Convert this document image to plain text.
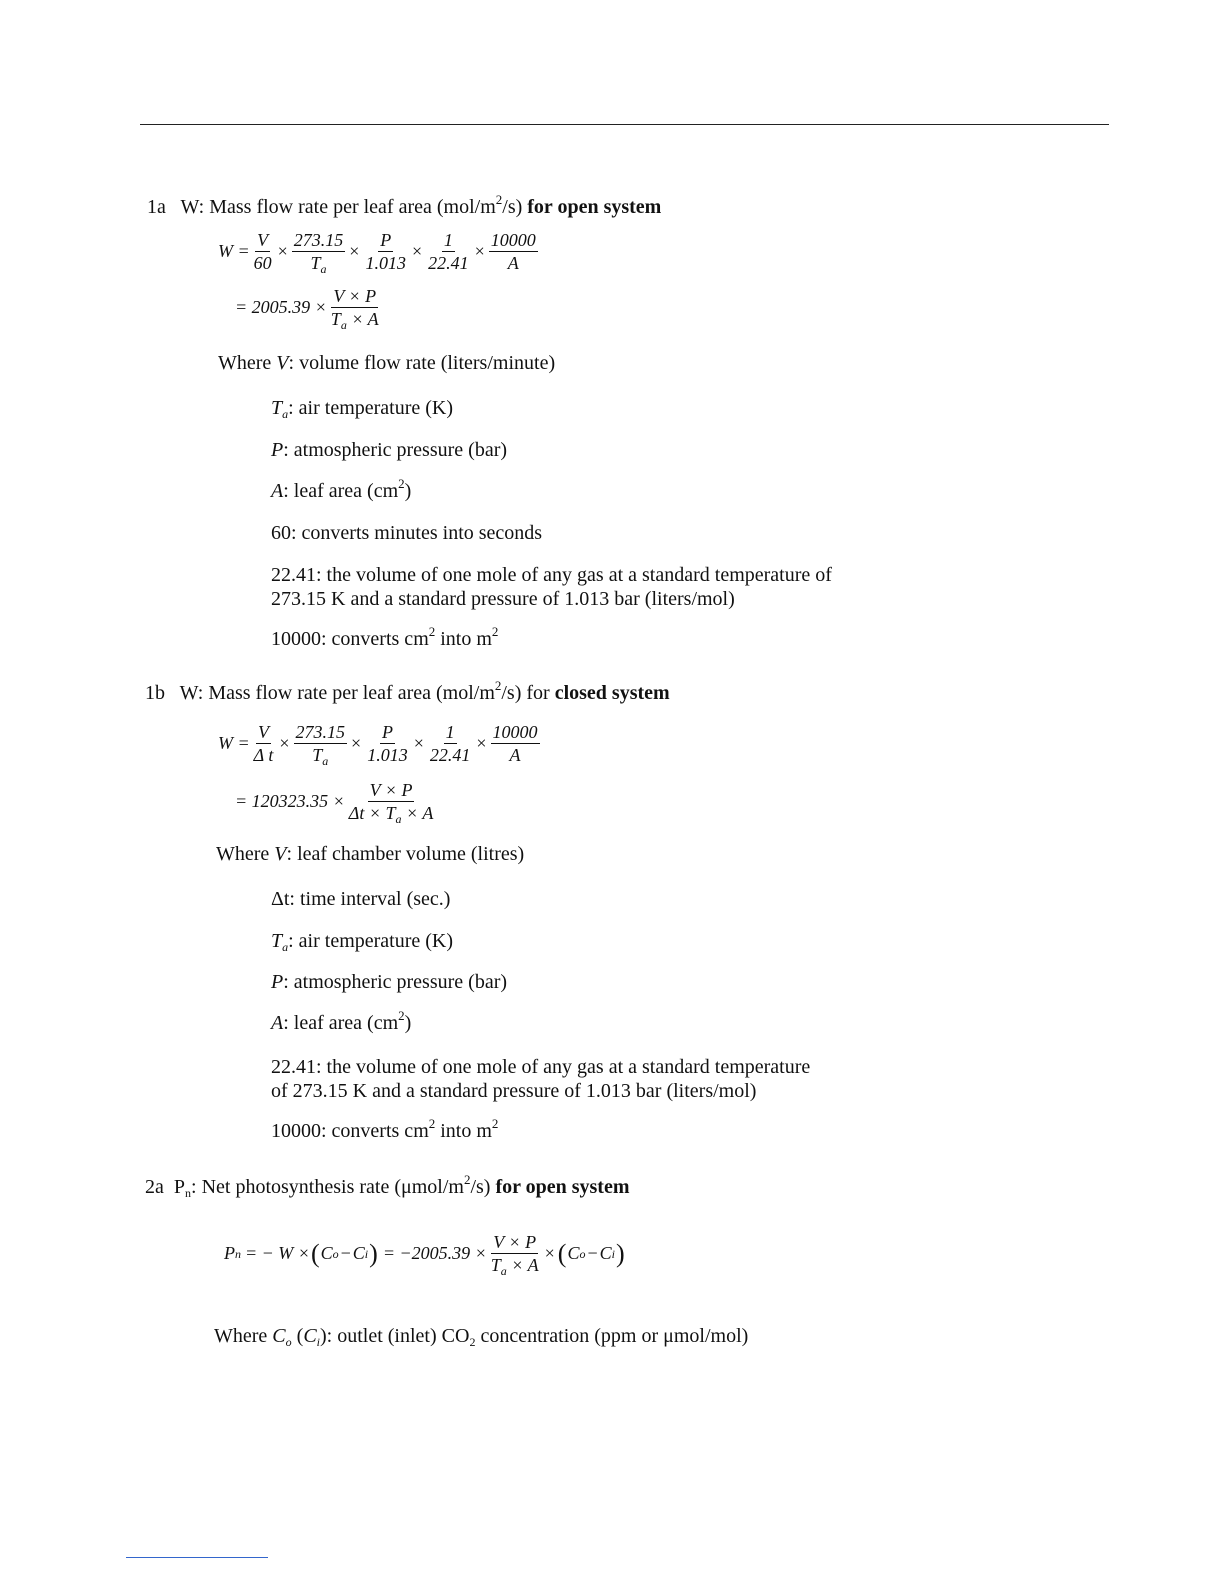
1a W: Mass flow rate per leaf area $(mol/m^2/s)$ for open system
$W = \frac{V}{60} \times \frac{273.15}{T_a} \times \frac{P}{1.013} \times \frac{1}{22.41} \times \frac{10000}{A}$
= $2005.39 \times \frac{V \times P}{T_a \times A}$
Where V: volume flow rate (liters/minute)
$T_a$: air temperature (K)
P: atmospheric pressure (bar)
A: leaf area $(cm^2)$
60: converts minutes into seconds
22.41: the volume of one mole of any gas at a standard temperature of
273.15 K and a standard pressure of 1.013 bar (liters/mol)
10000: converts $cm^2$ into $m^2$
1b W: Mass flow rate per leaf area $(mol/m^2/s)$ for closed system
$W = \frac{V}{\text{Δ t}} \times \frac{273.15}{T_a} \times \frac{P}{1.013} \times \frac{1}{22.41} \times \frac{10000}{A}$
= $120323.35 \times \frac{V \times P}{\Delta t \times T_a \times A}$
Where V: leaf chamber volume (litres)
Δt: time interval (sec.)
$T_a$: air temperature (K)
P: atmospheric pressure (bar)
A: leaf area $(cm^2)$
22.41: the volume of one mole of any gas at a standard temperature
of 273.15 K and a standard pressure of 1.013 bar (liters/mol)
10000: converts $cm^2$ into $m^2$
2a $P_n$: Net photosynthesis rate $(\mu mol/m^2/s)$ for open system
P n = − W × ( C o − C i ) = $-2005.39 \times \frac{V \times P}{T_a \times A}$ × ( C o − C i )
Where $C_o$ $(C_i)$: outlet (inlet) $CO_2$ concentration (ppm or μmol/mol)
